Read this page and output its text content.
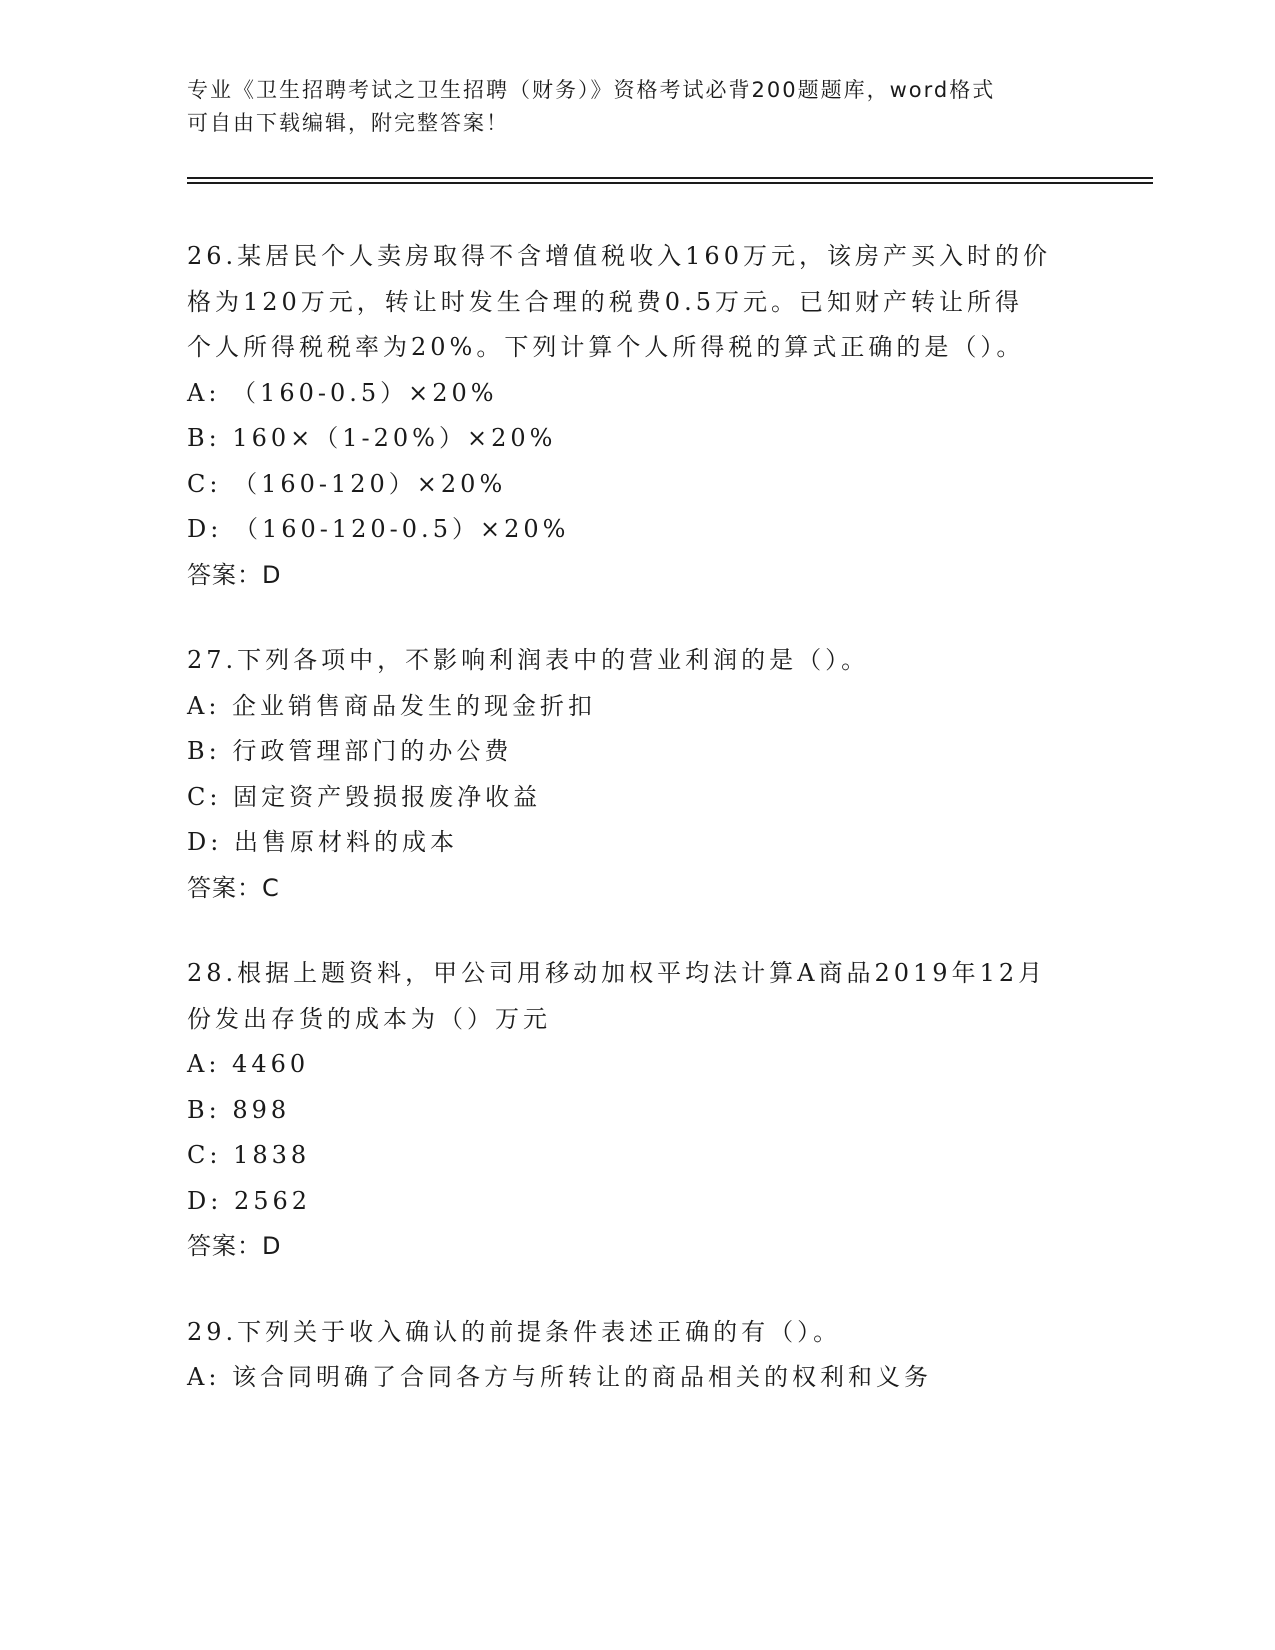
专业《卫生招聘考试之卫生招聘（财务）》资格考试必背200题题库，word格式
可自由下载编辑，附完整答案！
26.某居民个人卖房取得不含增值税收入160万元，该房产买入时的价
格为120万元，转让时发生合理的税费0.5万元。已知财产转让所得
个人所得税税率为20%。下列计算个人所得税的算式正确的是（）。
A: （160-0.5）×20%
B: 160×（1-20%）×20%
C: （160-120）×20%
D: （160-120-0.5）×20%
答案：D
27.下列各项中，不影响利润表中的营业利润的是（）。
A: 企业销售商品发生的现金折扣
B: 行政管理部门的办公费
C: 固定资产毁损报废净收益
D: 出售原材料的成本
答案：C
28.根据上题资料，甲公司用移动加权平均法计算A商品2019年12月
份发出存货的成本为（）万元
A: 4460
B: 898
C: 1838
D: 2562
答案：D
29.下列关于收入确认的前提条件表述正确的有（）。
A: 该合同明确了合同各方与所转让的商品相关的权利和义务
